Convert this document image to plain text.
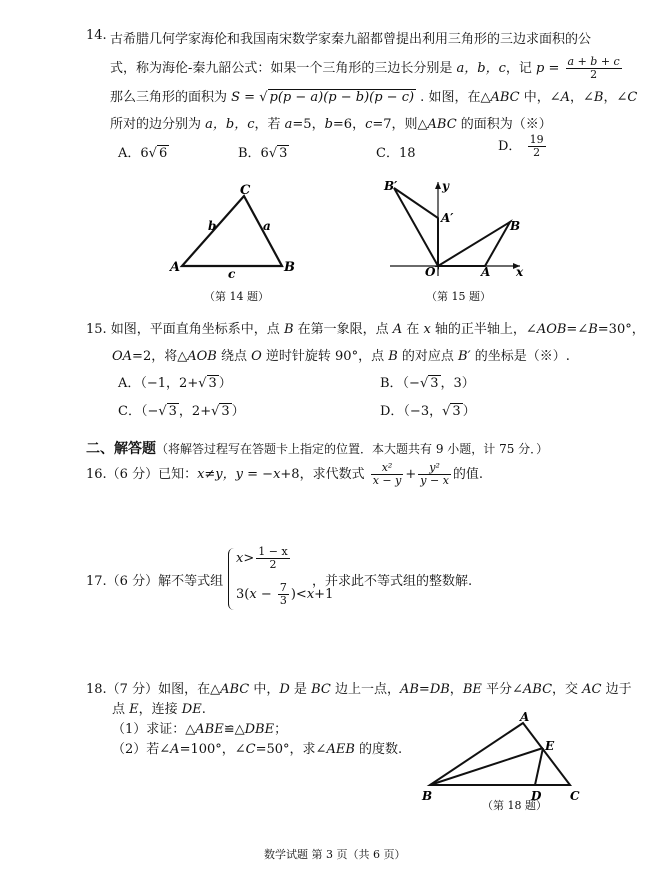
14. 古希腊几何学家海伦和我国南宋数学家秦九韶都曾提出利用三角形的三边求面积的公
式，称为海伦-秦九韶公式：如果一个三角形的三边长分别是 a，b，c，记 $p = \frac{a + b + c}{2}$
那么三角形的面积为 S = √ p(p − a)(p − b)(p − c) . 如图，在△ABC 中，∠A，∠B，∠C
所对的边分别为 a，b，c，若 a=5，b=6，c=7，则△ABC 的面积为（※）
A．6√ 6	B．6√ 3	C．18	D． $\frac{19}{2}$
C
A	B
b	a
c
（第 14 题）
B′
A′
B
O	A x
y
（第 15 题）
15. 如图，平面直角坐标系中，点 B 在第一象限，点 A 在 x 轴的正半轴上，∠AOB=∠B=30°，
OA=2，将△AOB 绕点 O 逆时针旋转 90°，点 B 的对应点 B′ 的坐标是（※）.
A．（−1，2+√ 3 ）	B．（−√ 3 ，3）
C．（−√ 3 ，2+√ 3 ）	D．（−3，√ 3 ）
二、解答题（将解答过程写在答题卡上指定的位置．本大题共有 9 小题，计 75 分．）
16.（6 分）已知：x≠y，y = −x+8，求代数式 $\frac{\text{x²}}{x - y} + \frac{\text{y²}}{y - x}$ 的值.
17.（6 分）解不等式组
$x> \frac{1 - x}{2}$
$3(x - \frac{7}{3} )<x+1$
，并求此不等式组的整数解.
18.（7 分）如图，在△ABC 中，D 是 BC 边上一点，AB=DB，BE 平分∠ABC，交 AC 边于
点 E，连接 DE.
（1）求证：△ABE≌△DBE；
（2）若∠A=100°，∠C=50°，求∠AEB 的度数.
A
E
B	D C
（第 18 题）
数学试题 第 3 页（共 6 页）
